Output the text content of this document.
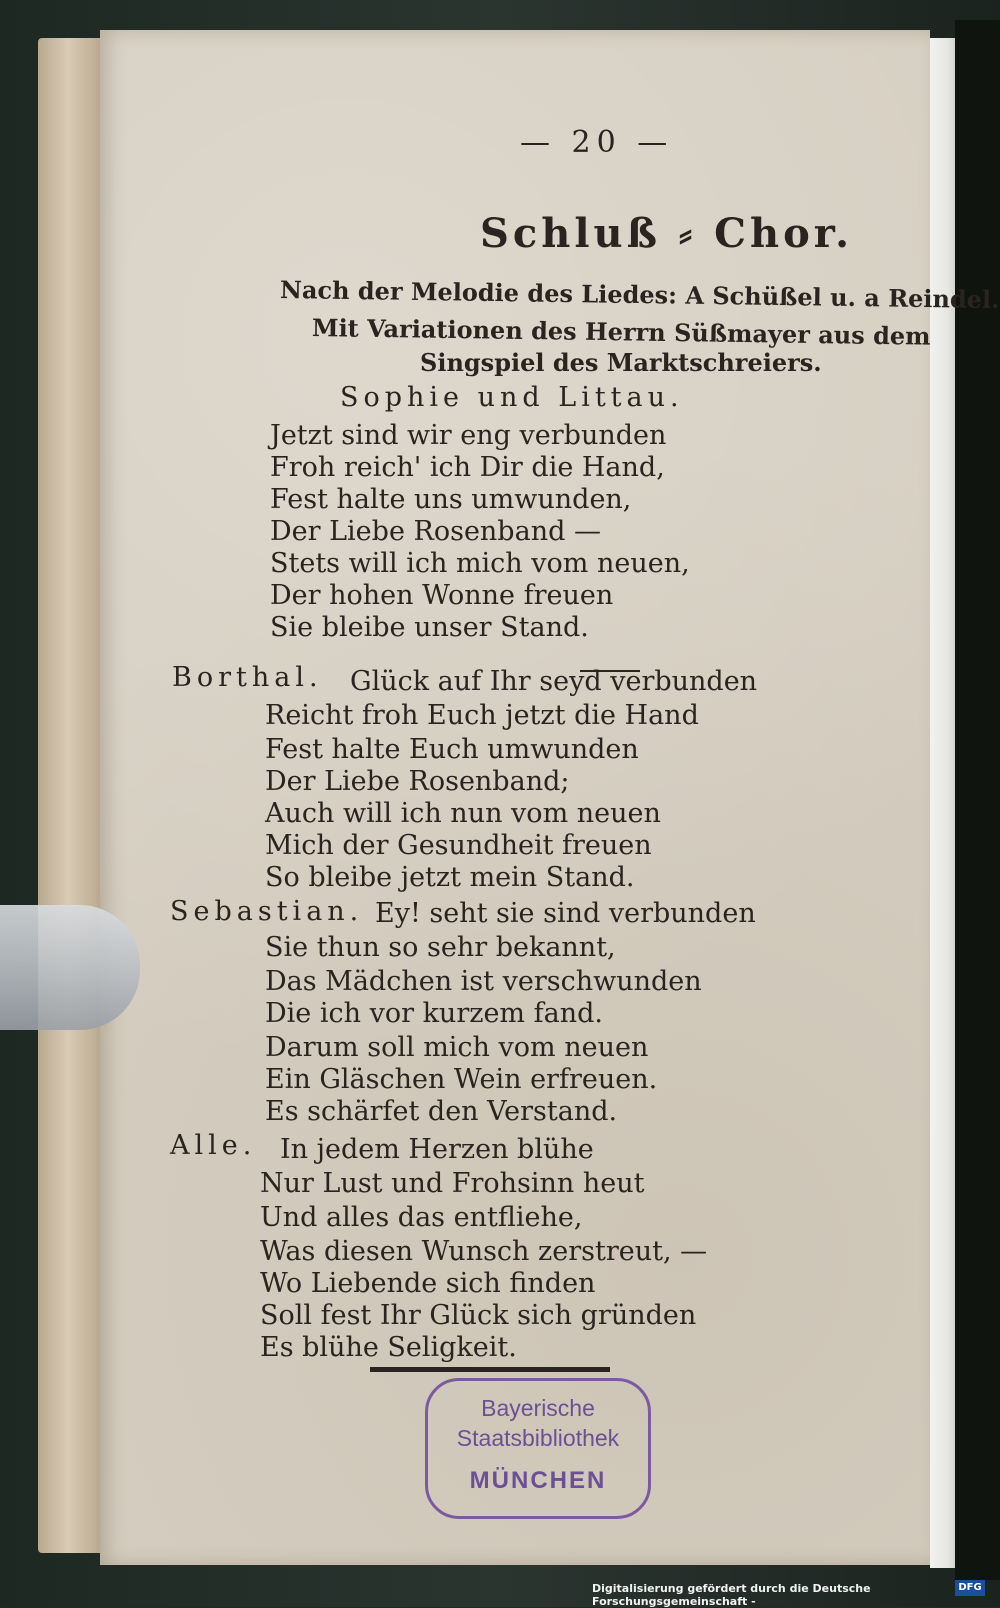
— 20 —
Schluß ⸗ Chor.
Nach der Melodie des Liedes: A Schüßel u. a Reindel.
Mit Variationen des Herrn Süßmayer aus dem
Singspiel des Marktschreiers.
Sophie und Littau.
Jetzt sind wir eng verbunden
Froh reich' ich Dir die Hand,
Fest halte uns umwunden,
Der Liebe Rosenband —
Stets will ich mich vom neuen,
Der hohen Wonne freuen
Sie bleibe unser Stand.
Borthal. Glück auf Ihr seyd verbunden
Reicht froh Euch jetzt die Hand
Fest halte Euch umwunden
Der Liebe Rosenband;
Auch will ich nun vom neuen
Mich der Gesundheit freuen
So bleibe jetzt mein Stand.
Sebastian. Ey! seht sie sind verbunden
Sie thun so sehr bekannt,
Das Mädchen ist verschwunden
Die ich vor kurzem fand.
Darum soll mich vom neuen
Ein Gläschen Wein erfreuen.
Es schärfet den Verstand.
Alle. In jedem Herzen blühe
Nur Lust und Frohsinn heut
Und alles das entfliehe,
Was diesen Wunsch zerstreut, —
Wo Liebende sich finden
Soll fest Ihr Glück sich gründen
Es blühe Seligkeit.
Bayerische
Staatsbibliothek
MÜNCHEN
Digitalisierung gefördert durch die Deutsche Forschungsgemeinschaft -
DFG
